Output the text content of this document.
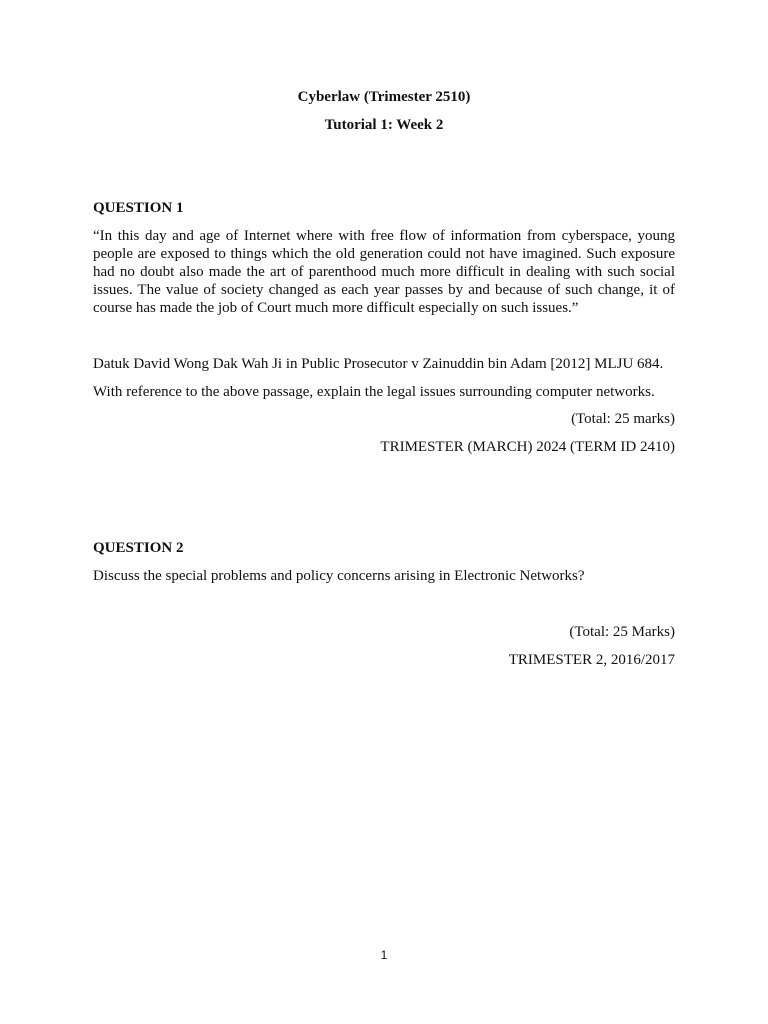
Cyberlaw (Trimester 2510)
Tutorial 1: Week 2
QUESTION 1
“In this day and age of Internet where with free flow of information from cyberspace, young people are exposed to things which the old generation could not have imagined. Such exposure had no doubt also made the art of parenthood much more difficult in dealing with such social issues. The value of society changed as each year passes by and because of such change, it of course has made the job of Court much more difficult especially on such issues.”
Datuk David Wong Dak Wah Ji in Public Prosecutor v Zainuddin bin Adam [2012] MLJU 684.
With reference to the above passage, explain the legal issues surrounding computer networks.
(Total: 25 marks)
TRIMESTER (MARCH) 2024 (TERM ID 2410)
QUESTION 2
Discuss the special problems and policy concerns arising in Electronic Networks?
(Total: 25 Marks)
TRIMESTER 2, 2016/2017
1
